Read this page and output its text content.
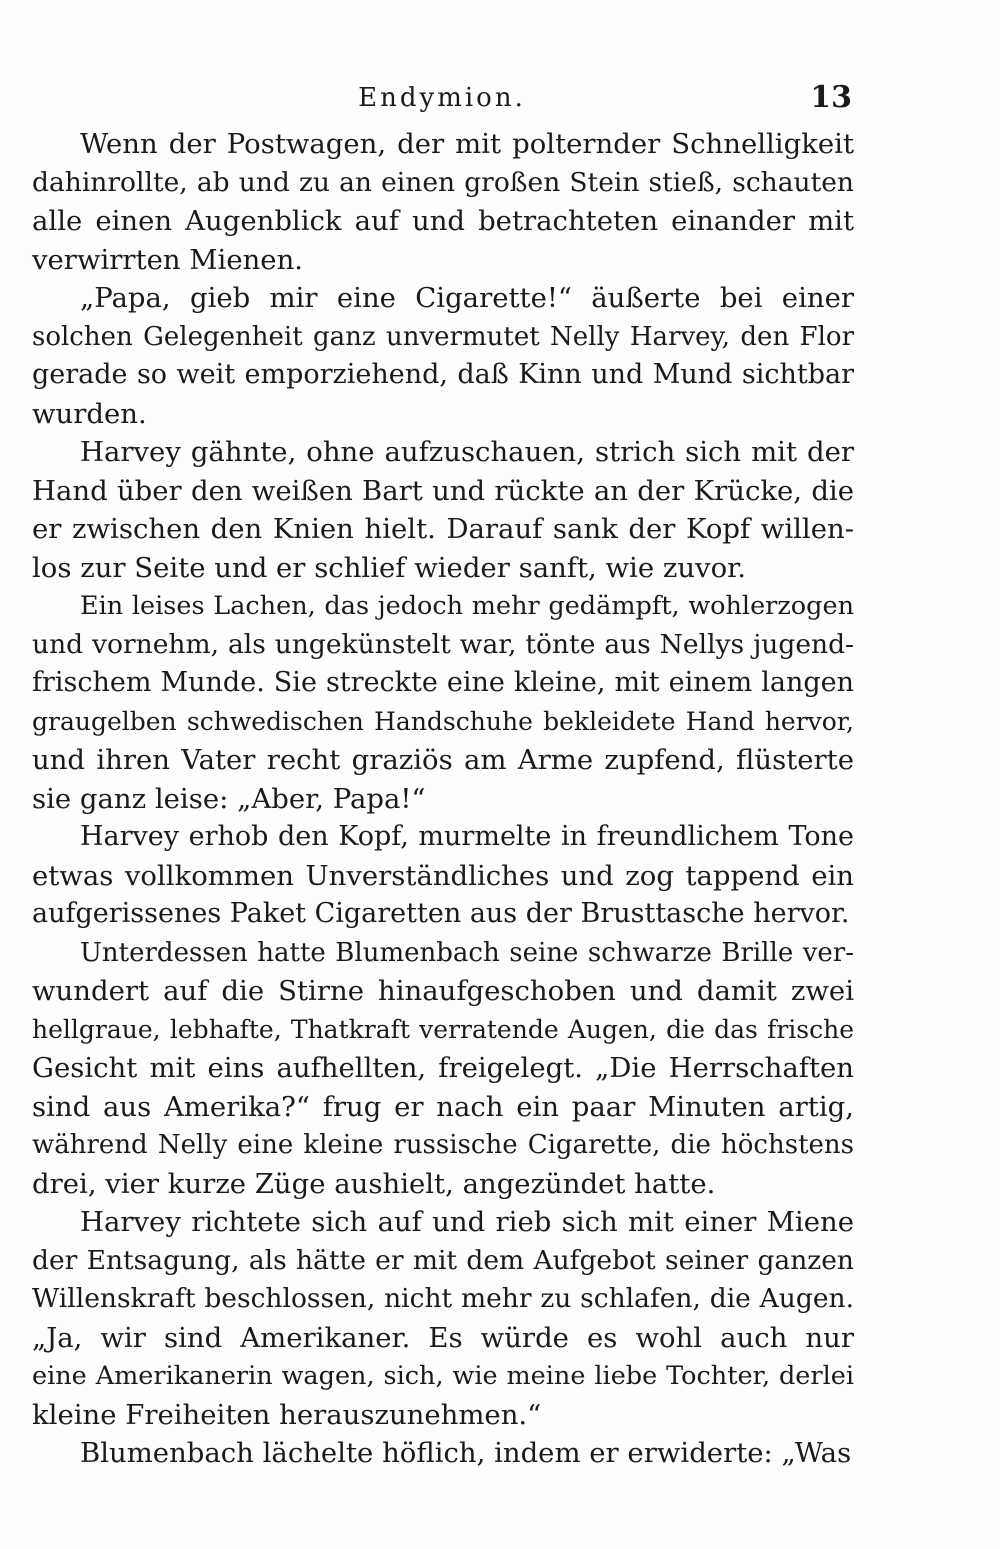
Endymion.	13
Wenn der Postwagen, der mit polternder Schnelligkeit
dahinrollte, ab und zu an einen großen Stein stieß, schauten
alle einen Augenblick auf und betrachteten einander mit
verwirrten Mienen.
„Papa, gieb mir eine Cigarette!“ äußerte bei einer
solchen Gelegenheit ganz unvermutet Nelly Harvey, den Flor
gerade so weit emporziehend, daß Kinn und Mund sichtbar
wurden.
Harvey gähnte, ohne aufzuschauen, strich sich mit der
Hand über den weißen Bart und rückte an der Krücke, die
er zwischen den Knien hielt. Darauf sank der Kopf willen-
los zur Seite und er schlief wieder sanft, wie zuvor.
Ein leises Lachen, das jedoch mehr gedämpft, wohlerzogen
und vornehm, als ungekünstelt war, tönte aus Nellys jugend-
frischem Munde. Sie streckte eine kleine, mit einem langen
graugelben schwedischen Handschuhe bekleidete Hand hervor,
und ihren Vater recht graziös am Arme zupfend, flüsterte
sie ganz leise: „Aber, Papa!“
Harvey erhob den Kopf, murmelte in freundlichem Tone
etwas vollkommen Unverständliches und zog tappend ein
aufgerissenes Paket Cigaretten aus der Brusttasche hervor.
Unterdessen hatte Blumenbach seine schwarze Brille ver-
wundert auf die Stirne hinaufgeschoben und damit zwei
hellgraue, lebhafte, Thatkraft verratende Augen, die das frische
Gesicht mit eins aufhellten, freigelegt. „Die Herrschaften
sind aus Amerika?“ frug er nach ein paar Minuten artig,
während Nelly eine kleine russische Cigarette, die höchstens
drei, vier kurze Züge aushielt, angezündet hatte.
Harvey richtete sich auf und rieb sich mit einer Miene
der Entsagung, als hätte er mit dem Aufgebot seiner ganzen
Willenskraft beschlossen, nicht mehr zu schlafen, die Augen.
„Ja, wir sind Amerikaner. Es würde es wohl auch nur
eine Amerikanerin wagen, sich, wie meine liebe Tochter, derlei
kleine Freiheiten herauszunehmen.“
Blumenbach lächelte höflich, indem er erwiderte: „Was
